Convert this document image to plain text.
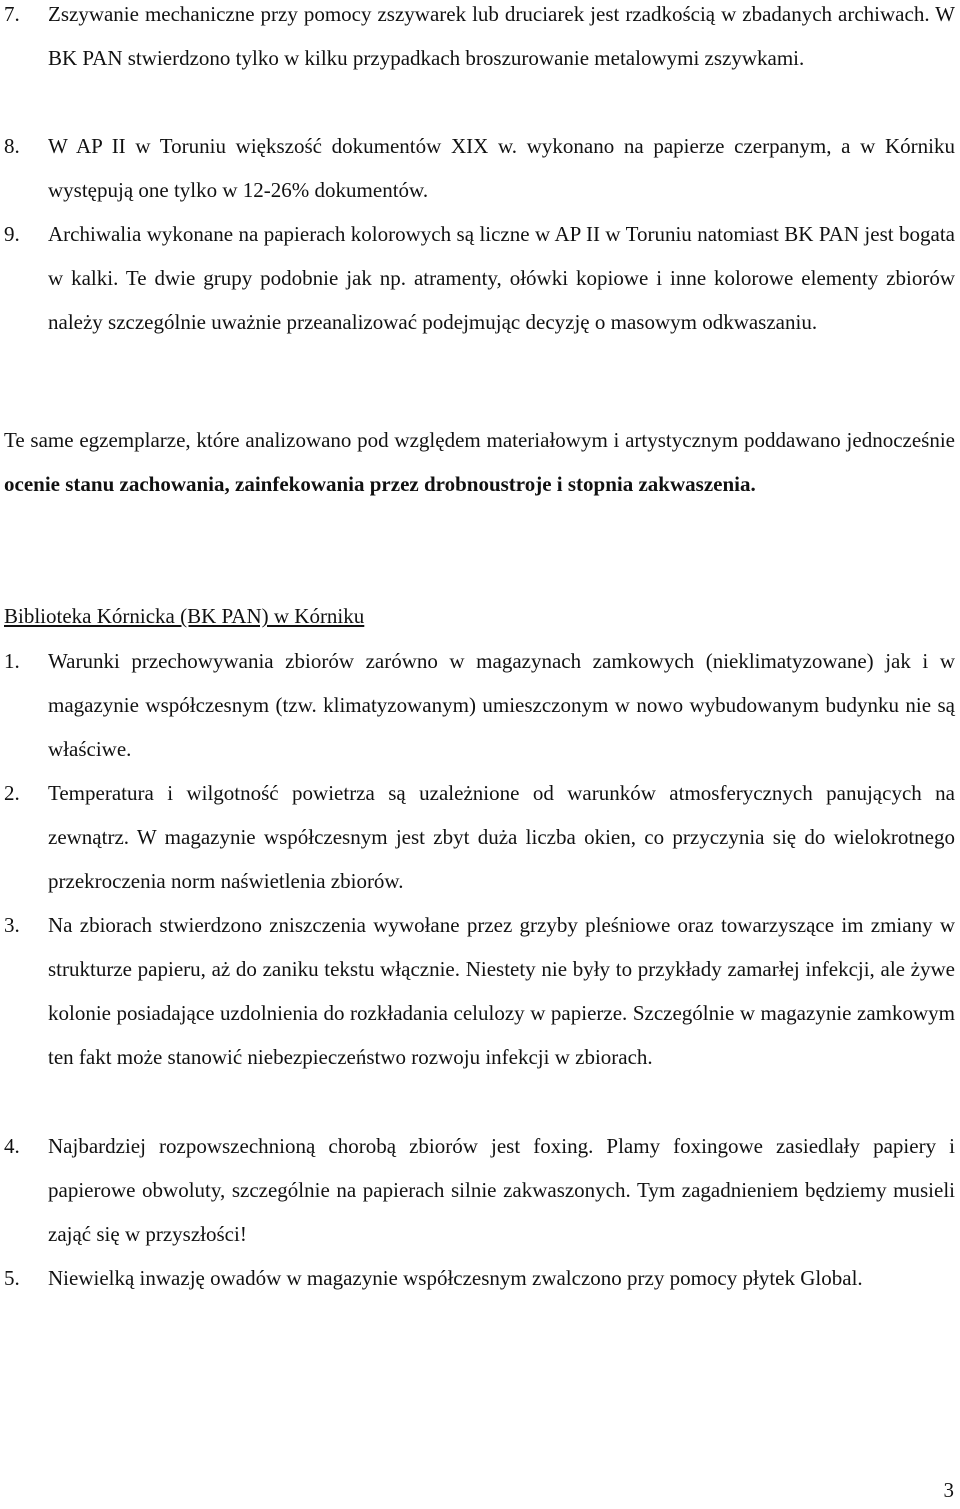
7.	Zszywanie mechaniczne przy pomocy zszywarek lub druciarek jest rzadkością w zbadanych archiwach. W BK PAN stwierdzono tylko w kilku przypadkach broszurowanie metalowymi zszywkami.
8.	W AP II w Toruniu większość dokumentów XIX w. wykonano na papierze czerpanym, a w Kórniku występują one tylko w 12-26% dokumentów.
9.	Archiwalia wykonane na papierach kolorowych są liczne w AP II w Toruniu natomiast BK PAN jest bogata w kalki. Te dwie grupy podobnie jak np. atramenty, ołówki kopiowe i inne kolorowe elementy zbiorów należy szczególnie uważnie przeanalizować podejmując decyzję o masowym odkwaszaniu.
Te same egzemplarze, które analizowano pod względem materiałowym i artystycznym poddawano jednocześnie ocenie stanu zachowania, zainfekowania przez drobnoustroje i stopnia zakwaszenia.
Biblioteka Kórnicka (BK PAN) w Kórniku
1.	Warunki przechowywania zbiorów zarówno w magazynach zamkowych (nieklimatyzowane) jak i w magazynie współczesnym (tzw. klimatyzowanym) umieszczonym w nowo wybudowanym budynku nie są właściwe.
2.	Temperatura i wilgotność powietrza są uzależnione od warunków atmosferycznych panujących na zewnątrz. W magazynie współczesnym jest zbyt duża liczba okien, co przyczynia się do wielokrotnego przekroczenia norm naświetlenia zbiorów.
3.	Na zbiorach stwierdzono zniszczenia wywołane przez grzyby pleśniowe oraz towarzyszące im zmiany w strukturze papieru, aż do zaniku tekstu włącznie. Niestety nie były to przykłady zamarłej infekcji, ale żywe kolonie posiadające uzdolnienia do rozkładania celulozy w papierze. Szczególnie w magazynie zamkowym ten fakt może stanowić niebezpieczeństwo rozwoju infekcji w zbiorach.
4.	Najbardziej rozpowszechnioną chorobą zbiorów jest foxing. Plamy foxingowe zasiedlały papiery i papierowe obwoluty, szczególnie na papierach silnie zakwaszonych. Tym zagadnieniem będziemy musieli zająć się w przyszłości!
5.	Niewielką inwazję owadów w magazynie współczesnym zwalczono przy pomocy płytek Global.
3
